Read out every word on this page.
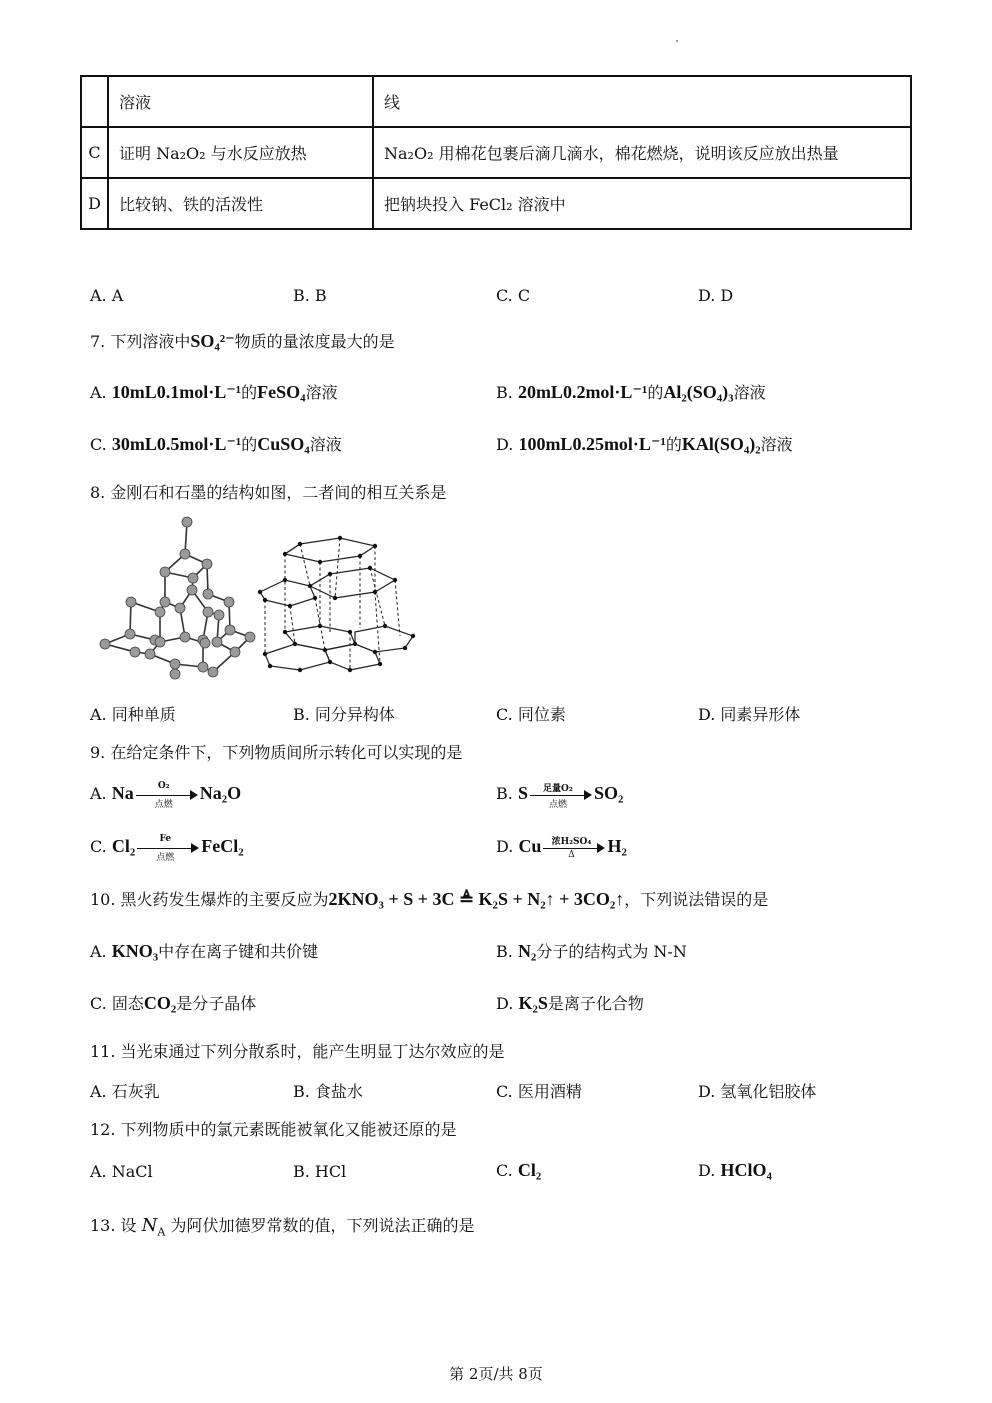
	溶液	线
C	证明 Na₂O₂ 与水反应放热	Na₂O₂ 用棉花包裹后滴几滴水，棉花燃烧，说明该反应放出热量
D	比较钠、铁的活泼性	把钠块投入 FeCl₂ 溶液中
A. A	B. B	C. C	D. D
7. 下列溶液中SO₄²⁻物质的量浓度最大的是
A. 10mL0.1mol·L⁻¹的FeSO₄溶液	B. 20mL0.2mol·L⁻¹的Al₂(SO₄)₃溶液
C. 30mL0.5mol·L⁻¹的CuSO₄溶液	D. 100mL0.25mol·L⁻¹的KAl(SO₄)₂溶液
8. 金刚石和石墨的结构如图，二者间的相互关系是
A. 同种单质	B. 同分异构体	C. 同位素	D. 同素异形体
9. 在给定条件下，下列物质间所示转化可以实现的是
A. Na	O₂
点燃
Na₂O	B. S	足量O₂
点燃
SO₂
C. Cl₂	Fe
点燃
FeCl₂	D. Cu	浓H₂SO₄
Δ	H₂
10. 黑火药发生爆炸的主要反应为2KNO₃ + S + 3C ≜ K₂S + N₂↑ + 3CO₂↑，下列说法错误的是
A. KNO₃中存在离子键和共价键	B. N₂分子的结构式为 N-N
C. 固态CO₂是分子晶体	D. K₂S是离子化合物
11. 当光束通过下列分散系时，能产生明显丁达尔效应的是
A. 石灰乳	B. 食盐水	C. 医用酒精	D. 氢氧化铝胶体
12. 下列物质中的氯元素既能被氧化又能被还原的是
A. NaCl	B. HCl	C. Cl₂	D. HClO₄
13. 设 $N_A$ 为阿伏加德罗常数的值，下列说法正确的是
第 2页/共 8页
